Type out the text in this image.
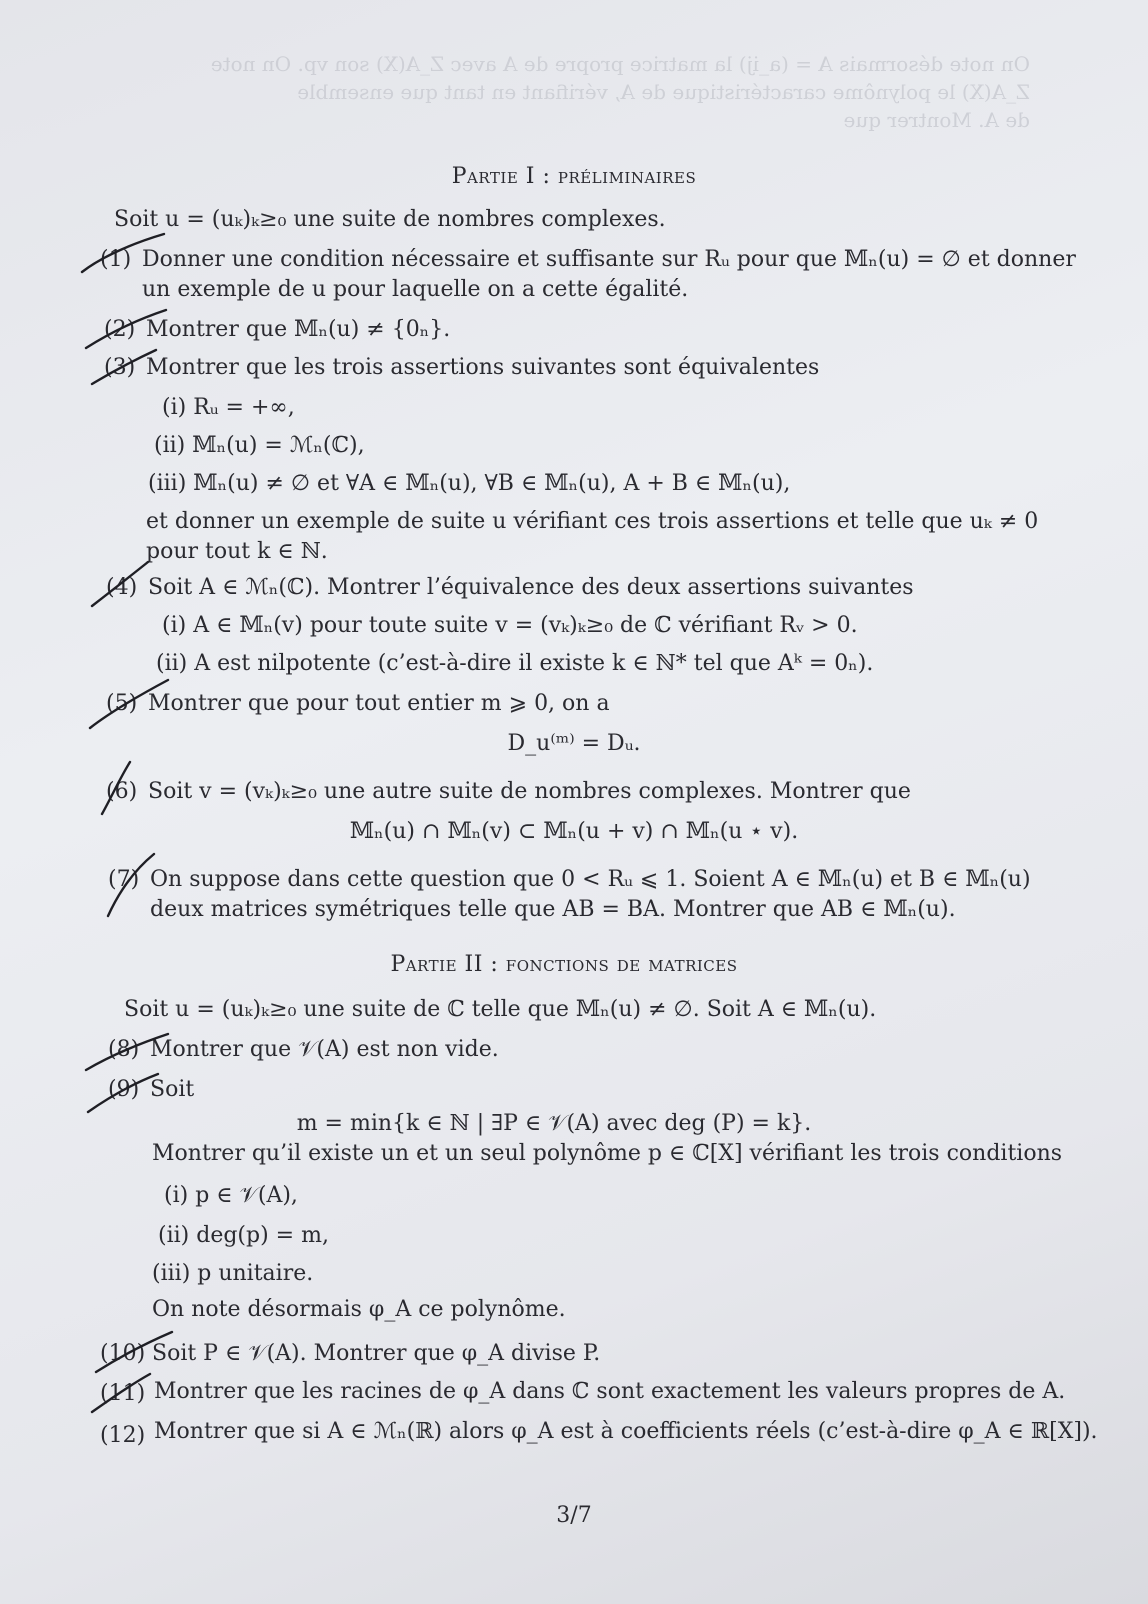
On note désormais A = (a_ij) la matrice propre de A avec Z_A(X) son vp. On note
Z_A(X) le polynôme caractéristique de A, vérifiant en tant que ensemble
de A. Montrer que
Partie I : préliminaires
Soit u = (uₖ)ₖ≥₀ une suite de nombres complexes.
(1) Donner une condition nécessaire et suffisante sur Rᵤ pour que 𝕄ₙ(u) = ∅ et donner
un exemple de u pour laquelle on a cette égalité.
(2) Montrer que 𝕄ₙ(u) ≠ {0ₙ}.
(3) Montrer que les trois assertions suivantes sont équivalentes
(i) Rᵤ = +∞,
(ii) 𝕄ₙ(u) = ℳₙ(ℂ),
(iii) 𝕄ₙ(u) ≠ ∅ et ∀A ∈ 𝕄ₙ(u), ∀B ∈ 𝕄ₙ(u), A + B ∈ 𝕄ₙ(u),
et donner un exemple de suite u vérifiant ces trois assertions et telle que uₖ ≠ 0
pour tout k ∈ ℕ.
(4) Soit A ∈ ℳₙ(ℂ). Montrer l’équivalence des deux assertions suivantes
(i) A ∈ 𝕄ₙ(v) pour toute suite v = (vₖ)ₖ≥₀ de ℂ vérifiant Rᵥ > 0.
(ii) A est nilpotente (c’est-à-dire il existe k ∈ ℕ* tel que Aᵏ = 0ₙ).
(5) Montrer que pour tout entier m ⩾ 0, on a
D_u⁽ᵐ⁾ = Dᵤ.
(6) Soit v = (vₖ)ₖ≥₀ une autre suite de nombres complexes. Montrer que
𝕄ₙ(u) ∩ 𝕄ₙ(v) ⊂ 𝕄ₙ(u + v) ∩ 𝕄ₙ(u ⋆ v).
(7) On suppose dans cette question que 0 < Rᵤ ⩽ 1. Soient A ∈ 𝕄ₙ(u) et B ∈ 𝕄ₙ(u)
deux matrices symétriques telle que AB = BA. Montrer que AB ∈ 𝕄ₙ(u).
Partie II : fonctions de matrices
Soit u = (uₖ)ₖ≥₀ une suite de ℂ telle que 𝕄ₙ(u) ≠ ∅. Soit A ∈ 𝕄ₙ(u).
(8) Montrer que 𝒱(A) est non vide.
(9) Soit
m = min{k ∈ ℕ | ∃P ∈ 𝒱(A) avec deg (P) = k}.
Montrer qu’il existe un et un seul polynôme p ∈ ℂ[X] vérifiant les trois conditions
(i) p ∈ 𝒱(A),
(ii) deg(p) = m,
(iii) p unitaire.
On note désormais φ_A ce polynôme.
(10) Soit P ∈ 𝒱(A). Montrer que φ_A divise P.
(11) Montrer que les racines de φ_A dans ℂ sont exactement les valeurs propres de A.
(12) Montrer que si A ∈ ℳₙ(ℝ) alors φ_A est à coefficients réels (c’est-à-dire φ_A ∈ ℝ[X]).
3/7
